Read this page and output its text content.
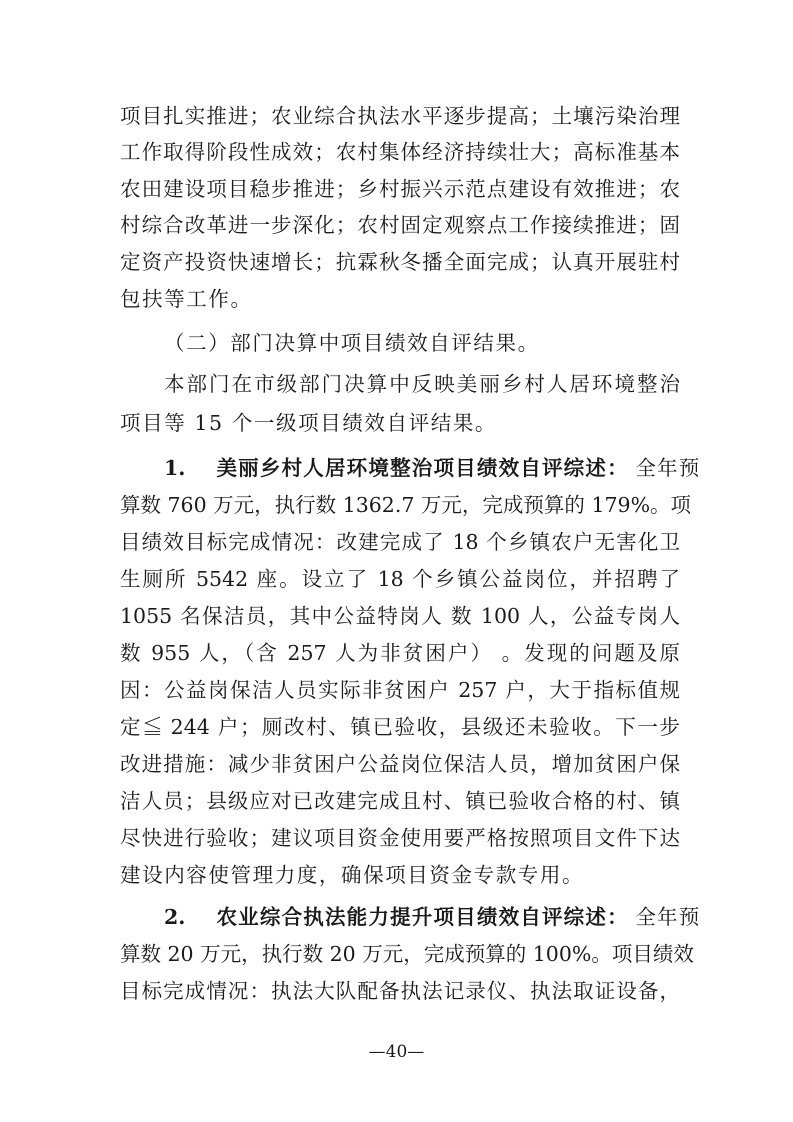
项目扎实推进；农业综合执法水平逐步提高；土壤污染治理
工作取得阶段性成效；农村集体经济持续壮大；高标准基本
农田建设项目稳步推进；乡村振兴示范点建设有效推进；农
村综合改革进一步深化；农村固定观察点工作接续推进；固
定资产投资快速增长；抗霖秋冬播全面完成；认真开展驻村
包扶等工作。
（二）部门决算中项目绩效自评结果。
本部门在市级部门决算中反映美丽乡村人居环境整治
项目等 15 个一级项目绩效自评结果。
1. 美丽乡村人居环境整治项目绩效自评综述： 全年预
算数 760 万元，执行数 1362.7 万元，完成预算的 179%。项
目绩效目标完成情况：改建完成了 18 个乡镇农户无害化卫
生厕所 5542 座。设立了 18 个乡镇公益岗位，并招聘了
1055 名保洁员，其中公益特岗人 数 100 人，公益专岗人
数 955 人，（含 257 人为非贫困户） 。发现的问题及原
因：公益岗保洁人员实际非贫困户 257 户，大于指标值规
定≦ 244 户；厕改村、镇已验收，县级还未验收。下一步
改进措施：减少非贫困户公益岗位保洁人员，增加贫困户保
洁人员；县级应对已改建完成且村、镇已验收合格的村、镇
尽快进行验收；建议项目资金使用要严格按照项目文件下达
建设内容使管理力度，确保项目资金专款专用。
2. 农业综合执法能力提升项目绩效自评综述： 全年预
算数 20 万元，执行数 20 万元，完成预算的 100%。项目绩效
目标完成情况：执法大队配备执法记录仪、执法取证设备，
—40—
